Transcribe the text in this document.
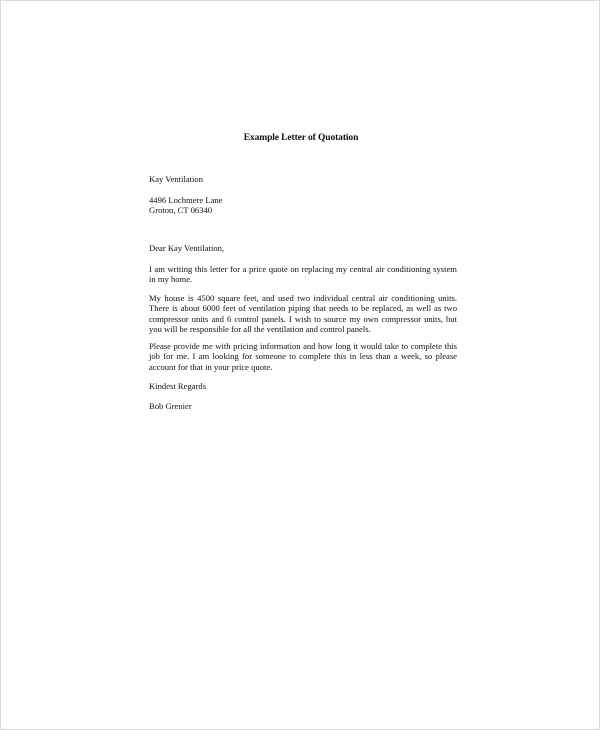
Example Letter of Quotation
Kay Ventilation
4496 Lochmere Lane
Groton, CT 06340
Dear Kay Ventilation,
I am writing this letter for a price quote on replacing my central air conditioning system
in my home.
My house is 4500 square feet, and used two individual central air conditioning units.
There is about 6000 feet of ventilation piping that needs to be replaced, as well as two
compressor units and 6 control panels. I wish to source my own compressor units, but
you will be responsible for all the ventilation and control panels.
Please provide me with pricing information and how long it would take to complete this
job for me. I am looking for someone to complete this in less than a week, so please
account for that in your price quote.
Kindest Regards
Bob Grenier
